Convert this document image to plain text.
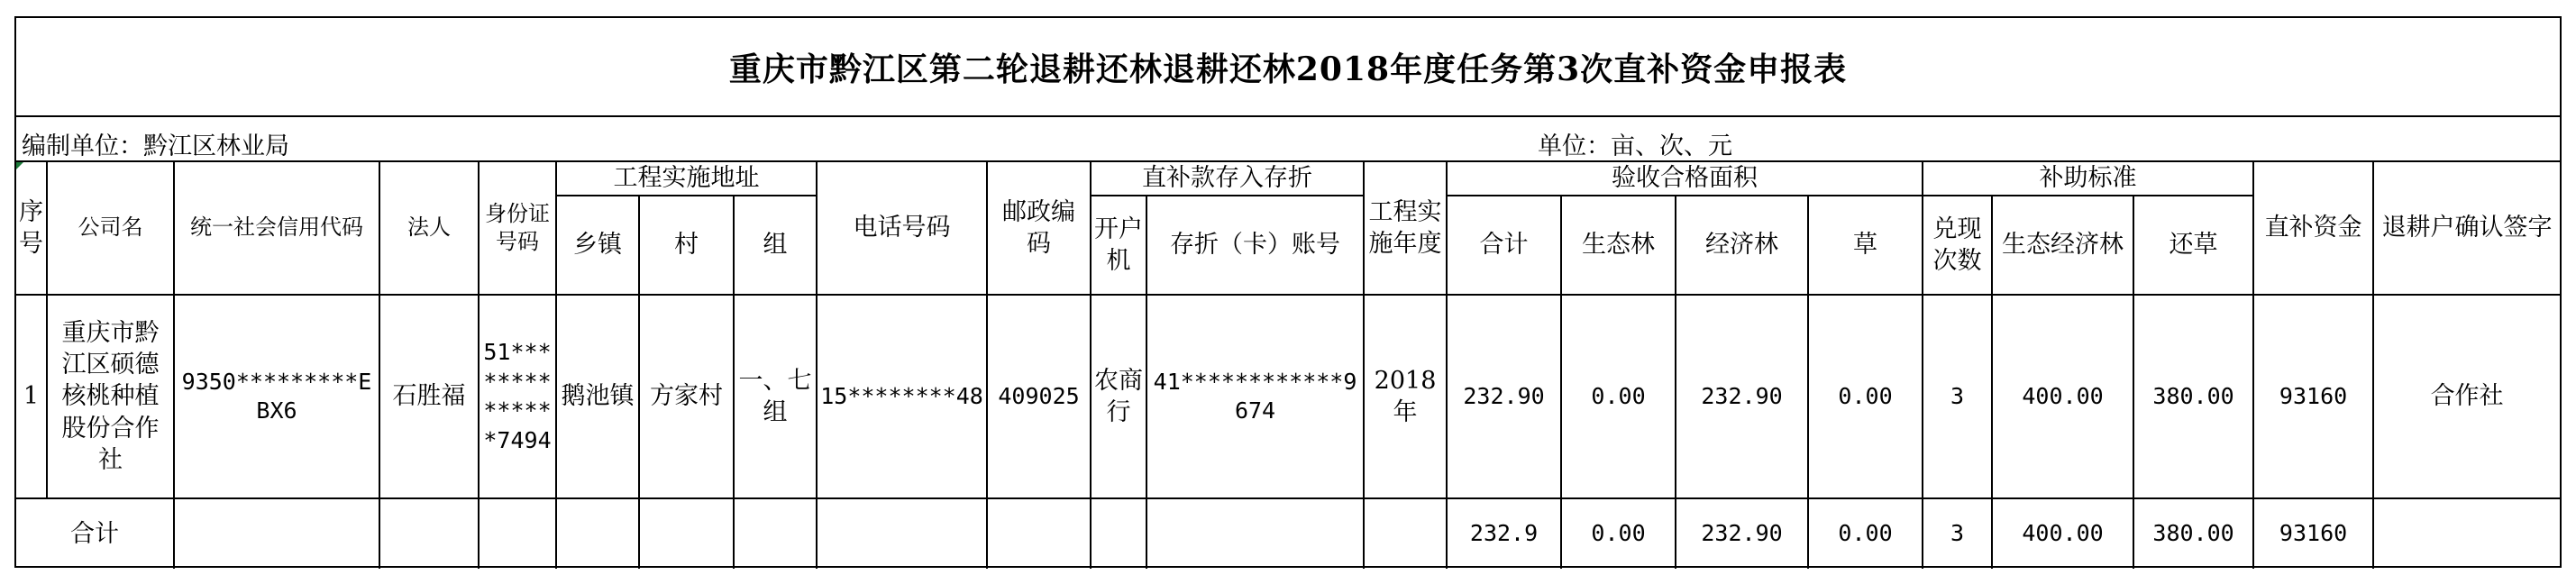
重庆市黔江区第二轮退耕还林退耕还林2018年度任务第3次直补资金申报表
编制单位：黔江区林业局	单位：亩、次、元
序号	公司名	统一社会信用代码	法人	身份证号码	工程实施地址			电话号码	邮政编码	直补款存入存折		工程实施年度	验收合格面积				补助标准			直补资金	退耕户确认签字
					乡镇	村	组			开户机	存折（卡）账号		合计	生态林	经济林	草	兑现次数	生态经济林	还草		
1	重庆市黔江区硕德核桃种植股份合作社	9350*********EBX6	石胜福	51**************7494	鹅池镇	方家村	一、七组	15********48	409025	农商行	41************9674	2018年	232.90	0.00	232.90	0.00	3	400.00	380.00	93160	合作社
合计													232.9	0.00	232.90	0.00	3	400.00	380.00	93160	
